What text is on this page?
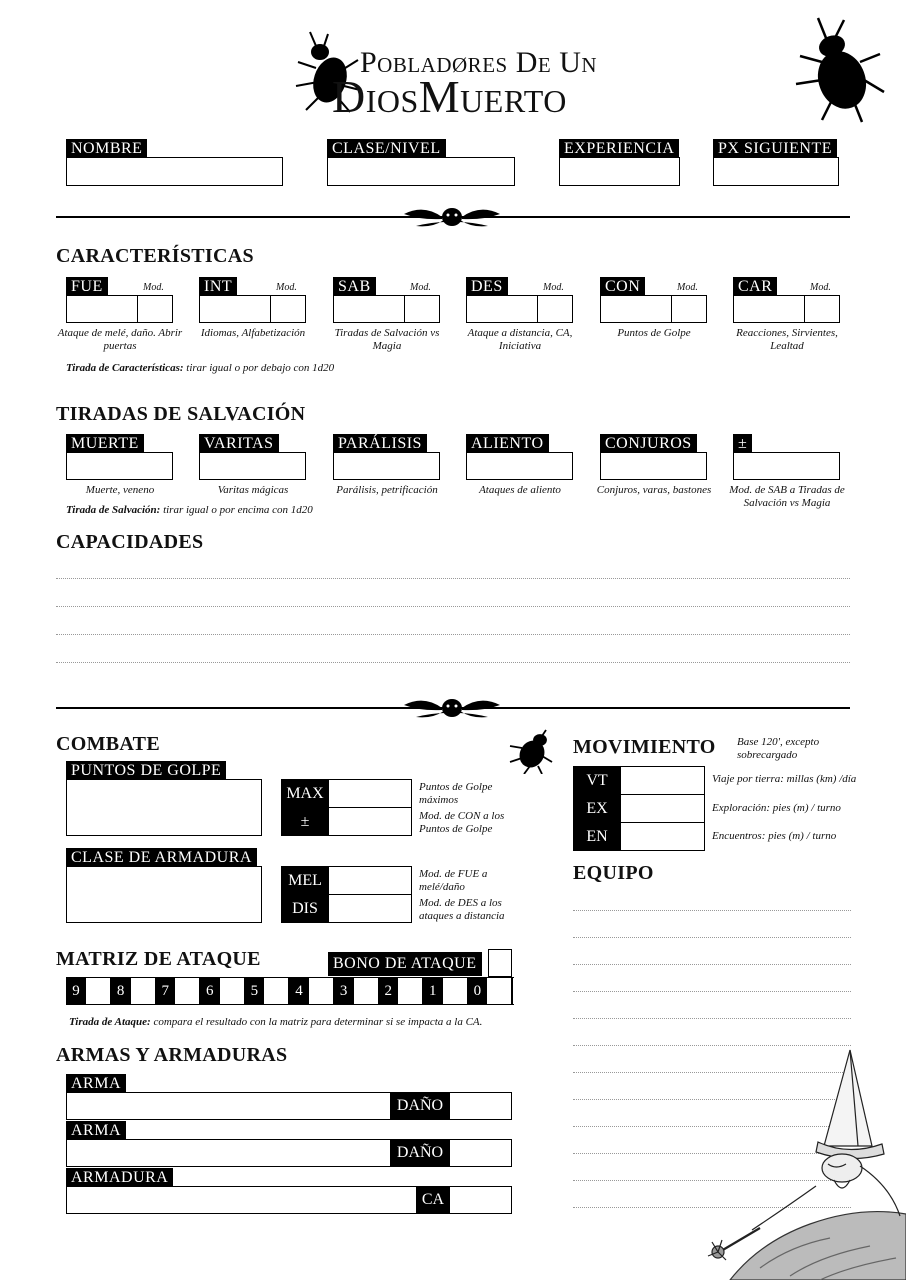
Pobladøres De Un
DiosMuerto
NOMBRE	CLASE/NIVEL	EXPERIENCIA	PX SIGUIENTE
CARACTERÍSTICAS
FUE	Mod.
Ataque de melé, daño. Abrir puertas
INT	Mod.
Idiomas, Alfabetización
SAB	Mod.
Tiradas de Salvación vs Magia
DES	Mod.
Ataque a distancia, CA, Iniciativa
CON	Mod.
Puntos de Golpe
CAR	Mod.
Reacciones, Sirvientes, Lealtad
Tirada de Características: tirar igual o por debajo con 1d20
TIRADAS DE SALVACIÓN
MUERTE
Muerte, veneno
VARITAS
Varitas mágicas
PARÁLISIS
Parálisis, petrificación
ALIENTO
Ataques de aliento
CONJUROS
Conjuros, varas, bastones
±
Mod. de SAB a Tiradas de Salvación vs Magia
Tirada de Salvación: tirar igual o por encima con 1d20
CAPACIDADES
COMBATE
PUNTOS DE GOLPE
MAX
±
Puntos de Golpe máximos
Mod. de CON a los Puntos de Golpe
CLASE DE ARMADURA
MEL
DIS
Mod. de FUE a melé/daño
Mod. de DES a los ataques a distancia
MATRIZ DE ATAQUE	BONO DE ATAQUE
9	8	7	6	5	4	3	2	1	0
Tirada de Ataque: compara el resultado con la matriz para determinar si se impacta a la CA.
ARMAS Y ARMADURAS
ARMA
DAÑO
ARMA
DAÑO
ARMADURA
CA
MOVIMIENTO Base 120', excepto sobrecargado
VT	Viaje por tierra: millas (km) /día
EX	Exploración: pies (m) / turno
EN	Encuentros: pies (m) / turno
EQUIPO
